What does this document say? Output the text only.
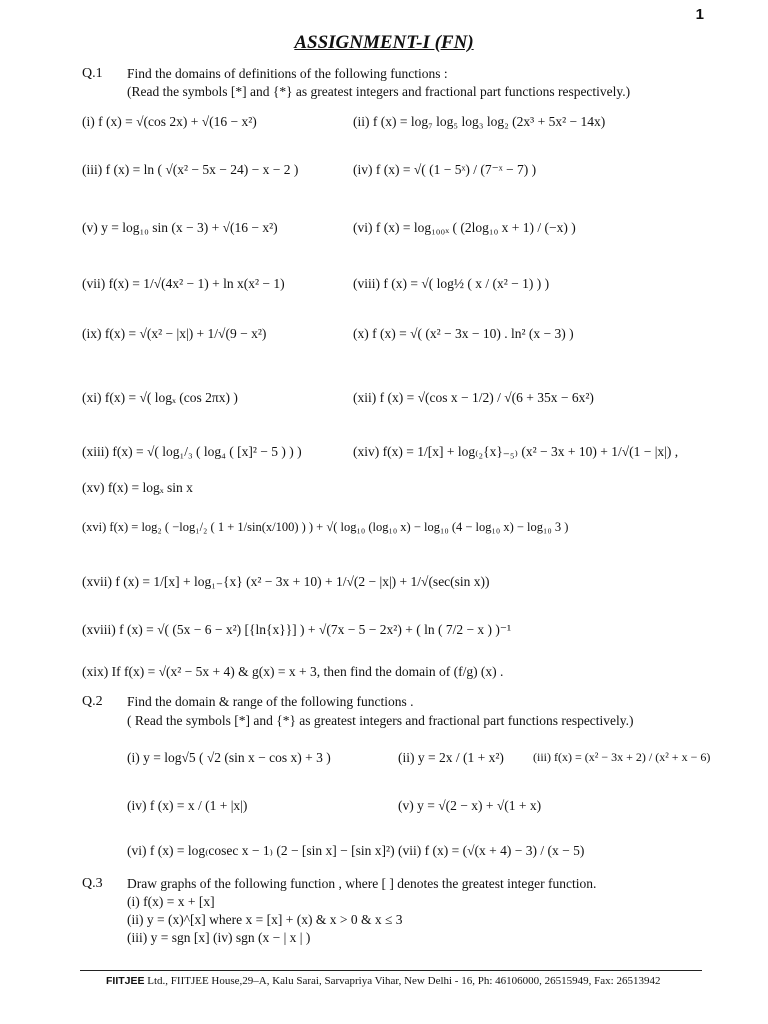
1
ASSIGNMENT-I (FN)
Q.1 Find the domains of definitions of the following functions :
(Read the symbols [*] and {*} as greatest integers and fractional part functions respectively.)
(i) f (x) = √(cos 2x) + √(16 − x²)	(ii) f (x) = log₇ log₅ log₃ log₂ (2x³ + 5x² − 14x)
(iii) f (x) = ln ( √(x² − 5x − 24) − x − 2 )	(iv) f (x) = √( (1 − 5ˣ) / (7⁻ˣ − 7) )
(v) y = log₁₀ sin (x − 3) + √(16 − x²)	(vi) f (x) = log₁₀₀ₓ ( (2log₁₀ x + 1) / (−x) )
(vii) f(x) = 1/√(4x² − 1) + ln x(x² − 1)	(viii) f (x) = √( log½ ( x / (x² − 1) ) )
(ix) f(x) = √(x² − |x|) + 1/√(9 − x²)	(x) f (x) = √( (x² − 3x − 10) . ln² (x − 3) )
(xi) f(x) = √( logₓ (cos 2πx) )	(xii) f (x) = √(cos x − 1/2) / √(6 + 35x − 6x²)
(xiii) f(x) = √( log₁/₃ ( log₄ ( [x]² − 5 ) ) )	(xiv) f(x) = 1/[x] + log₍₂{x}₋₅₎ (x² − 3x + 10) + 1/√(1 − |x|) ,
(xv) f(x) = logₓ sin x
(xvi) f(x) = log₂ ( −log₁/₂ ( 1 + 1/sin(x/100) ) ) + √( log₁₀ (log₁₀ x) − log₁₀ (4 − log₁₀ x) − log₁₀ 3 )
(xvii) f (x) = 1/[x] + log₁₋{x} (x² − 3x + 10) + 1/√(2 − |x|) + 1/√(sec(sin x))
(xviii) f (x) = √( (5x − 6 − x²) [{ln{x}}] ) + √(7x − 5 − 2x²) + ( ln ( 7/2 − x ) )⁻¹
(xix) If f(x) = √(x² − 5x + 4) & g(x) = x + 3, then find the domain of (f/g) (x) .
Q.2 Find the domain & range of the following functions .
( Read the symbols [*] and {*} as greatest integers and fractional part functions respectively.)
(i) y = log√5 ( √2 (sin x − cos x) + 3 )	(ii) y = 2x / (1 + x²) (iii) f(x) = (x² − 3x + 2) / (x² + x − 6)
(iv) f (x) = x / (1 + |x|)	(v) y = √(2 − x) + √(1 + x)
(vi) f (x) = log₍cosec x − 1₎ (2 − [sin x] − [sin x]²) (vii) f (x) = (√(x + 4) − 3) / (x − 5)
Q.3 Draw graphs of the following function , where [ ] denotes the greatest integer function.
(i) f(x) = x + [x]
(ii) y = (x)^[x] where x = [x] + (x) & x > 0 & x ≤ 3
(iii) y = sgn [x] (iv) sgn (x − | x | )
FIITJEE Ltd., FIITJEE House,29–A, Kalu Sarai, Sarvapriya Vihar, New Delhi - 16, Ph: 46106000, 26515949, Fax: 26513942
